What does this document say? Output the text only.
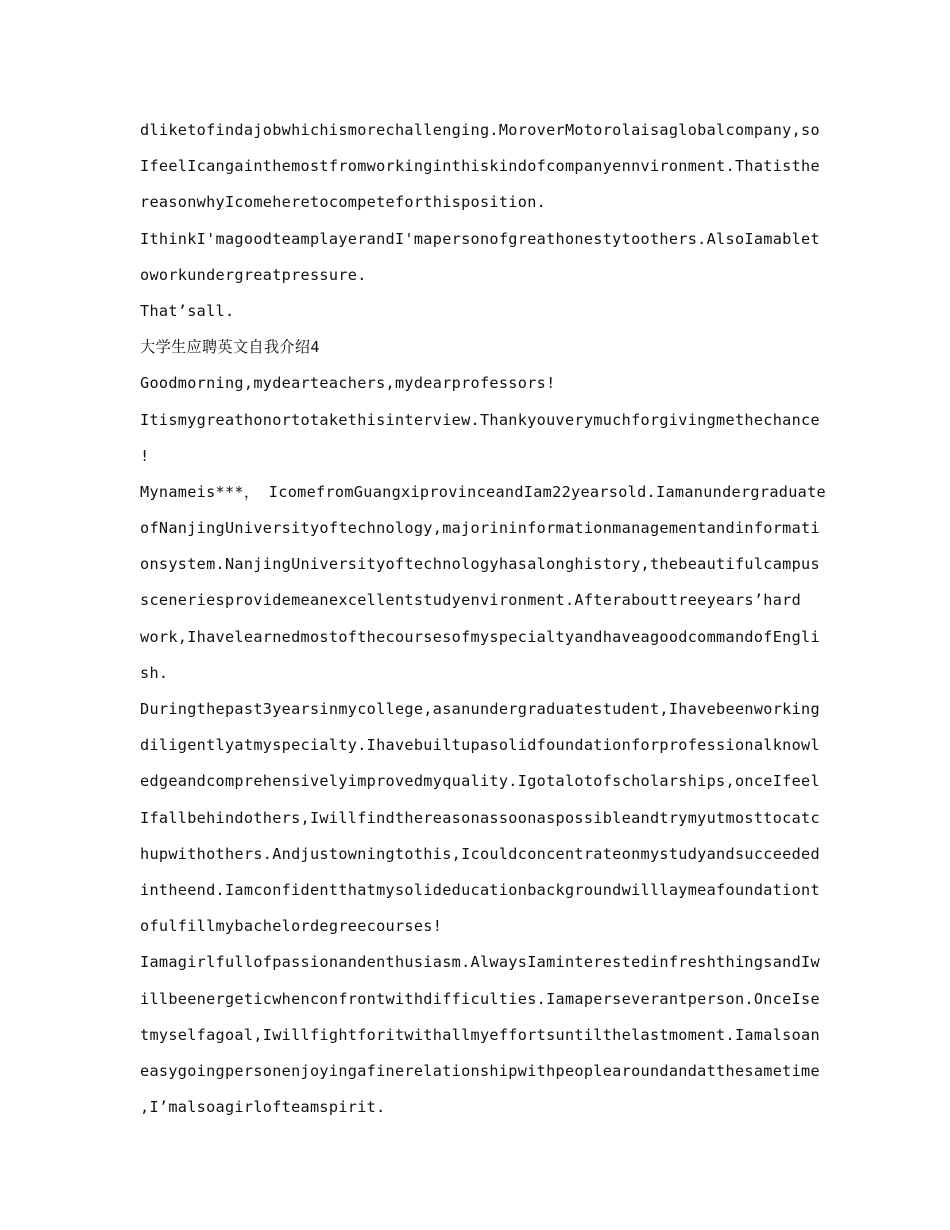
dliketofindajobwhichismorechallenging.MoroverMotorolaisaglobalcompany,so
IfeelIcangainthemostfromworkinginthiskindofcompanyennvironment.Thatisthe
reasonwhyIcomeheretocompeteforthisposition.
IthinkI'magoodteamplayerandI'mapersonofgreathonestytoothers.AlsoIamablet
oworkundergreatpressure.
That’sall.
大学生应聘英文自我介绍4
Goodmorning,mydearteachers,mydearprofessors!
Itismygreathonortotakethisinterview.Thankyouverymuchforgivingmethechance
!
Mynameis***， IcomefromGuangxiprovinceandIam22yearsold.Iamanundergraduate
ofNanjingUniversityoftechnology,majorininformationmanagementandinformati
onsystem.NanjingUniversityoftechnologyhasalonghistory,thebeautifulcampus
sceneriesprovidemeanexcellentstudyenvironment.Afterabouttreeyears’hard
work,IhavelearnedmostofthecoursesofmyspecialtyandhaveagoodcommandofEngli
sh.
Duringthepast3yearsinmycollege,asanundergraduatestudent,Ihavebeenworking
diligentlyatmyspecialty.Ihavebuiltupasolidfoundationforprofessionalknowl
edgeandcomprehensivelyimprovedmyquality.Igotalotofscholarships,onceIfeel
Ifallbehindothers,Iwillfindthereasonassoonaspossibleandtrymyutmosttocatc
hupwithothers.Andjustowningtothis,Icouldconcentrateonmystudyandsucceeded
intheend.Iamconfidentthatmysolideducationbackgroundwilllaymeafoundationt
ofulfillmybachelordegreecourses!
Iamagirlfullofpassionandenthusiasm.AlwaysIaminterestedinfreshthingsandIw
illbeenergeticwhenconfrontwithdifficulties.Iamaperseverantperson.OnceIse
tmyselfagoal,Iwillfightforitwithallmyeffortsuntilthelastmoment.Iamalsoan
easygoingpersonenjoyingafinerelationshipwithpeoplearoundandatthesametime
,I’malsoagirlofteamspirit.
